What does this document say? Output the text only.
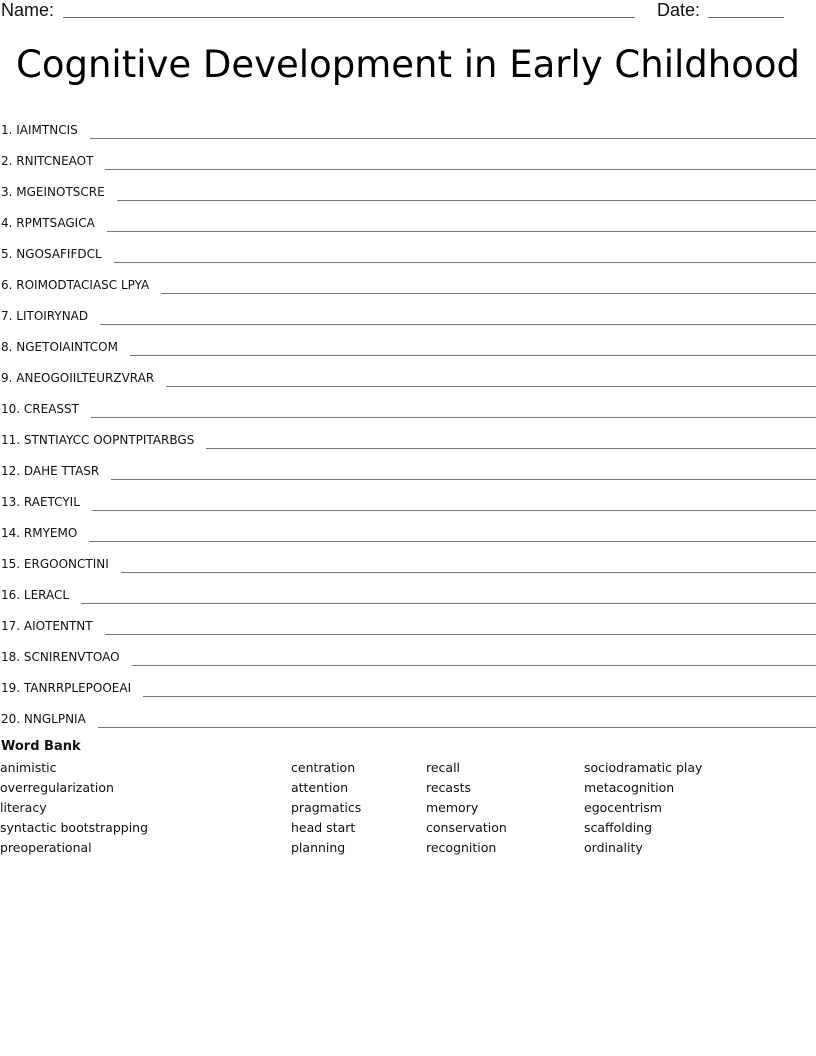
Name:	Date:
Cognitive Development in Early Childhood
1. IAIMTNCIS
2. RNITCNEAOT
3. MGEINOTSCRE
4. RPMTSAGICA
5. NGOSAFIFDCL
6. ROIMODTACIASC LPYA
7. LITOIRYNAD
8. NGETOIAINTCOM
9. ANEOGOIILTEURZVRAR
10. CREASST
11. STNTIAYCC OOPNTPITARBGS
12. DAHE TTASR
13. RAETCYIL
14. RMYEMO
15. ERGOONCTINI
16. LERACL
17. AIOTENTNT
18. SCNIRENVTOAO
19. TANRRPLEPOOEAI
20. NNGLPNIA
Word Bank
animistic
overregularization
literacy
syntactic bootstrapping
preoperational
centration
attention
pragmatics
head start
planning
recall
recasts
memory
conservation
recognition
sociodramatic play
metacognition
egocentrism
scaffolding
ordinality
